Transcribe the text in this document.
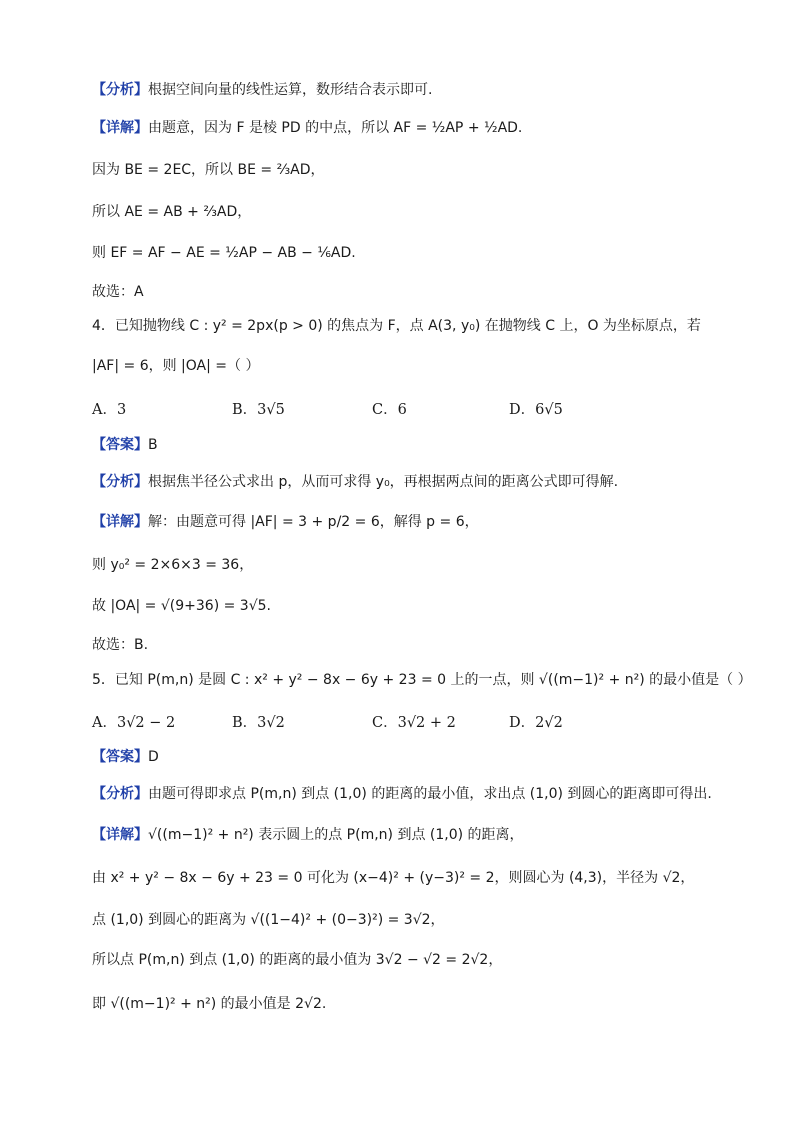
【分析】根据空间向量的线性运算，数形结合表示即可.
【详解】由题意，因为 F 是棱 PD 的中点，所以 AF = ½AP + ½AD.
因为 BE = 2EC，所以 BE = ⅔AD，
所以 AE = AB + ⅔AD，
则 EF = AF − AE = ½AP − AB − ⅙AD.
故选：A
4．已知抛物线 C : y² = 2px(p > 0) 的焦点为 F，点 A(3, y₀) 在抛物线 C 上，O 为坐标原点，若
|AF| = 6，则 |OA| =（ ）
A．3	B．3√5	C．6	D．6√5
【答案】B
【分析】根据焦半径公式求出 p，从而可求得 y₀，再根据两点间的距离公式即可得解.
【详解】解：由题意可得 |AF| = 3 + p/2 = 6，解得 p = 6，
则 y₀² = 2×6×3 = 36，
故 |OA| = √(9+36) = 3√5.
故选：B.
5．已知 P(m,n) 是圆 C : x² + y² − 8x − 6y + 23 = 0 上的一点，则 √((m−1)² + n²) 的最小值是（ ）
A．3√2 − 2	B．3√2	C．3√2 + 2	D．2√2
【答案】D
【分析】由题可得即求点 P(m,n) 到点 (1,0) 的距离的最小值，求出点 (1,0) 到圆心的距离即可得出.
【详解】√((m−1)² + n²) 表示圆上的点 P(m,n) 到点 (1,0) 的距离，
由 x² + y² − 8x − 6y + 23 = 0 可化为 (x−4)² + (y−3)² = 2，则圆心为 (4,3)，半径为 √2，
点 (1,0) 到圆心的距离为 √((1−4)² + (0−3)²) = 3√2，
所以点 P(m,n) 到点 (1,0) 的距离的最小值为 3√2 − √2 = 2√2，
即 √((m−1)² + n²) 的最小值是 2√2.
